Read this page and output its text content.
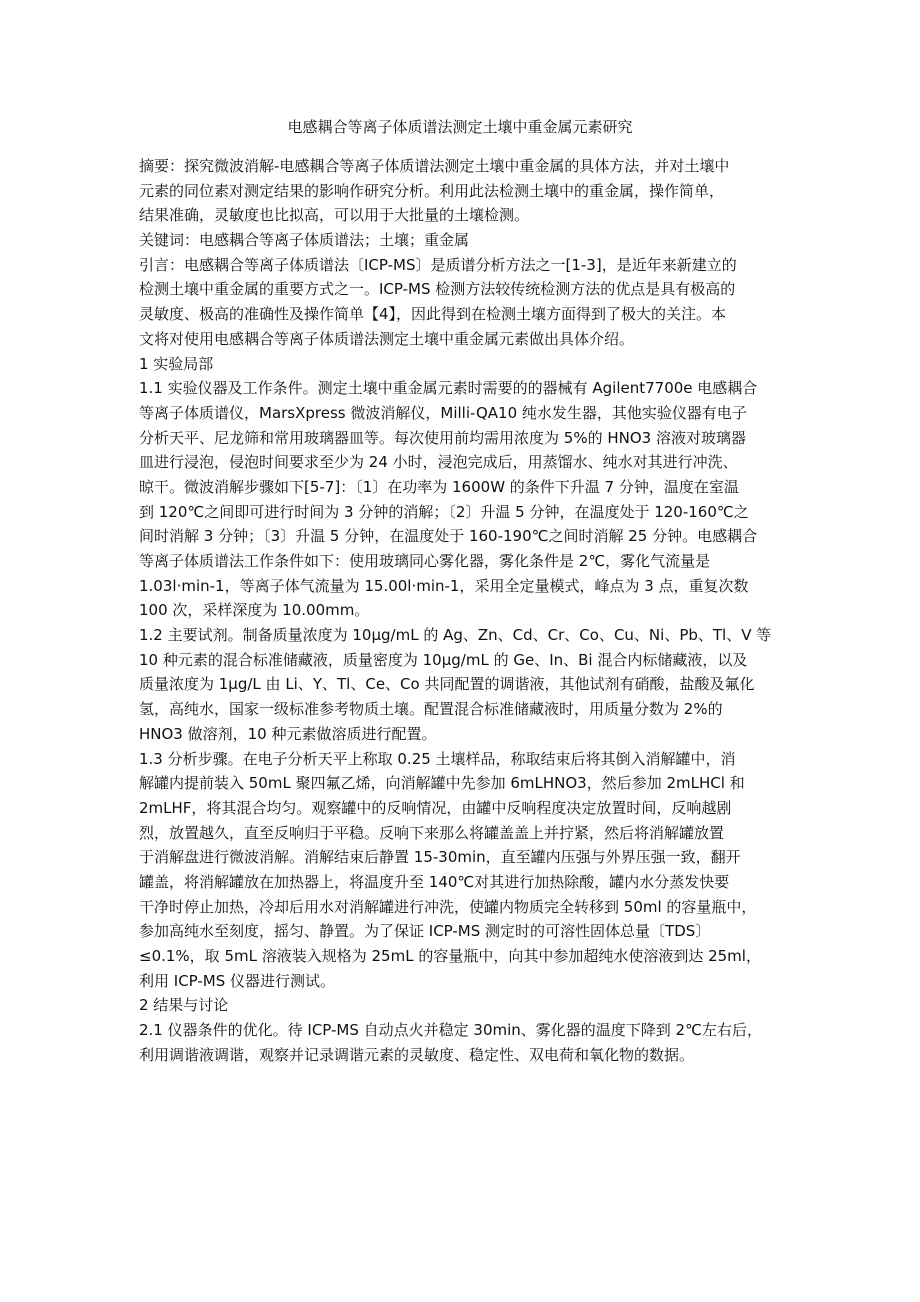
电感耦合等离子体质谱法测定土壤中重金属元素研究
摘要：探究微波消解-电感耦合等离子体质谱法测定土壤中重金属的具体方法，并对土壤中
元素的同位素对测定结果的影响作研究分析。利用此法检测土壤中的重金属，操作简单，
结果准确，灵敏度也比拟高，可以用于大批量的土壤检测。
关键词：电感耦合等离子体质谱法；土壤；重金属
引言：电感耦合等离子体质谱法〔ICP-MS〕是质谱分析方法之一[1-3]，是近年来新建立的
检测土壤中重金属的重要方式之一。ICP-MS 检测方法较传统检测方法的优点是具有极高的
灵敏度、极高的准确性及操作简单【4】，因此得到在检测土壤方面得到了极大的关注。本
文将对使用电感耦合等离子体质谱法测定土壤中重金属元素做出具体介绍。
1 实验局部
1.1 实验仪器及工作条件。测定土壤中重金属元素时需要的的器械有 Agilent7700e 电感耦合
等离子体质谱仪，MarsXpress 微波消解仪，Milli-QA10 纯水发生器，其他实验仪器有电子
分析天平、尼龙筛和常用玻璃器皿等。每次使用前均需用浓度为 5%的 HNO3 溶液对玻璃器
皿进行浸泡，侵泡时间要求至少为 24 小时，浸泡完成后，用蒸馏水、纯水对其进行冲洗、
晾干。微波消解步骤如下[5-7]：〔1〕在功率为 1600W 的条件下升温 7 分钟，温度在室温
到 120℃之间即可进行时间为 3 分钟的消解；〔2〕升温 5 分钟，在温度处于 120-160℃之
间时消解 3 分钟；〔3〕升温 5 分钟，在温度处于 160-190℃之间时消解 25 分钟。电感耦合
等离子体质谱法工作条件如下：使用玻璃同心雾化器，雾化条件是 2℃，雾化气流量是
1.03l·min-1，等离子体气流量为 15.00l·min-1，采用全定量模式，峰点为 3 点，重复次数
100 次，采样深度为 10.00mm。
1.2 主要试剂。制备质量浓度为 10μg/mL 的 Ag、Zn、Cd、Cr、Co、Cu、Ni、Pb、Tl、V 等
10 种元素的混合标准储藏液，质量密度为 10μg/mL 的 Ge、In、Bi 混合内标储藏液，以及
质量浓度为 1μg/L 由 Li、Y、Tl、Ce、Co 共同配置的调谐液，其他试剂有硝酸，盐酸及氟化
氢，高纯水，国家一级标准参考物质土壤。配置混合标准储藏液时，用质量分数为 2%的
HNO3 做溶剂，10 种元素做溶质进行配置。
1.3 分析步骤。在电子分析天平上称取 0.25 土壤样品，称取结束后将其倒入消解罐中，消
解罐内提前装入 50mL 聚四氟乙烯，向消解罐中先参加 6mLHNO3，然后参加 2mLHCl 和
2mLHF，将其混合均匀。观察罐中的反响情况，由罐中反响程度决定放置时间，反响越剧
烈，放置越久，直至反响归于平稳。反响下来那么将罐盖盖上并拧紧，然后将消解罐放置
于消解盘进行微波消解。消解结束后静置 15-30min，直至罐内压强与外界压强一致，翻开
罐盖，将消解罐放在加热器上，将温度升至 140℃对其进行加热除酸，罐内水分蒸发快要
干净时停止加热，冷却后用水对消解罐进行冲洗，使罐内物质完全转移到 50ml 的容量瓶中，
参加高纯水至刻度，摇匀、静置。为了保证 ICP-MS 测定时的可溶性固体总量〔TDS〕
≤0.1%，取 5mL 溶液装入规格为 25mL 的容量瓶中，向其中参加超纯水使溶液到达 25ml，
利用 ICP-MS 仪器进行测试。
2 结果与讨论
2.1 仪器条件的优化。待 ICP-MS 自动点火并稳定 30min、雾化器的温度下降到 2℃左右后，
利用调谐液调谐，观察并记录调谐元素的灵敏度、稳定性、双电荷和氧化物的数据。
